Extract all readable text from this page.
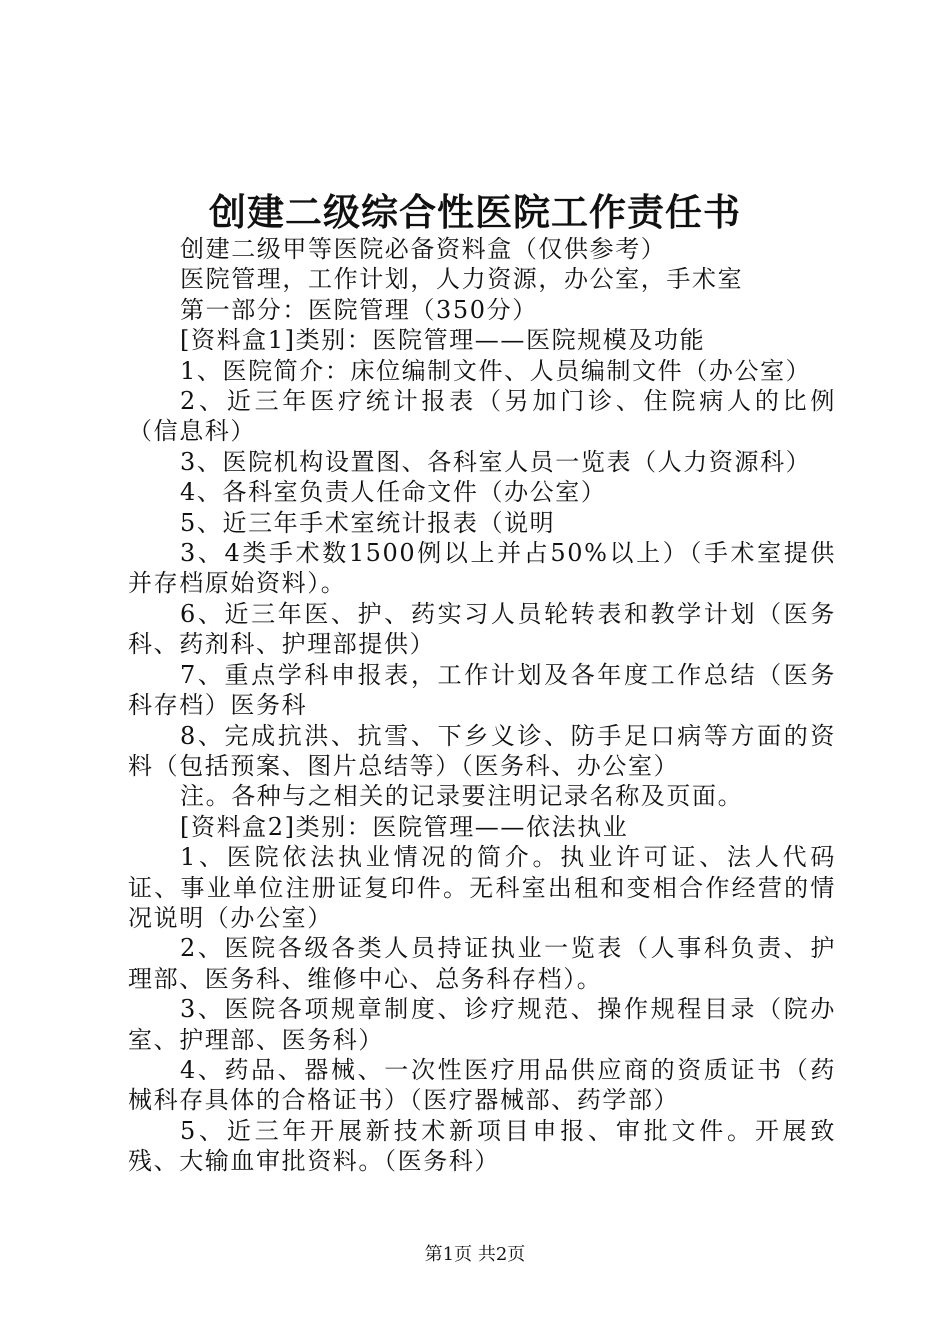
创建二级综合性医院工作责任书

创建二级甲等医院必备资料盒（仅供参考）

医院管理，工作计划，人力资源，办公室，手术室

第一部分：医院管理（350分）

[资料盒1]类别：医院管理——医院规模及功能

1、医院简介：床位编制文件、人员编制文件（办公室）

2、近三年医疗统计报表（另加门诊、住院病人的比例（信息科）

3、医院机构设置图、各科室人员一览表（人力资源科）

4、各科室负责人任命文件（办公室）

5、近三年手术室统计报表（说明

3、4类手术数1500例以上并占50%以上）（手术室提供并存档原始资料）。

6、近三年医、护、药实习人员轮转表和教学计划（医务科、药剂科、护理部提供）

7、重点学科申报表，工作计划及各年度工作总结（医务科存档）医务科

8、完成抗洪、抗雪、下乡义诊、防手足口病等方面的资料（包括预案、图片总结等）（医务科、办公室）

注。各种与之相关的记录要注明记录名称及页面。

[资料盒2]类别：医院管理——依法执业

1、医院依法执业情况的简介。执业许可证、法人代码证、事业单位注册证复印件。无科室出租和变相合作经营的情况说明（办公室）

2、医院各级各类人员持证执业一览表（人事科负责、护理部、医务科、维修中心、总务科存档）。

3、医院各项规章制度、诊疗规范、操作规程目录（院办室、护理部、医务科）

4、药品、器械、一次性医疗用品供应商的资质证书（药械科存具体的合格证书）（医疗器械部、药学部）

5、近三年开展新技术新项目申报、审批文件。开展致残、大输血审批资料。（医务科）

第1页 共2页
